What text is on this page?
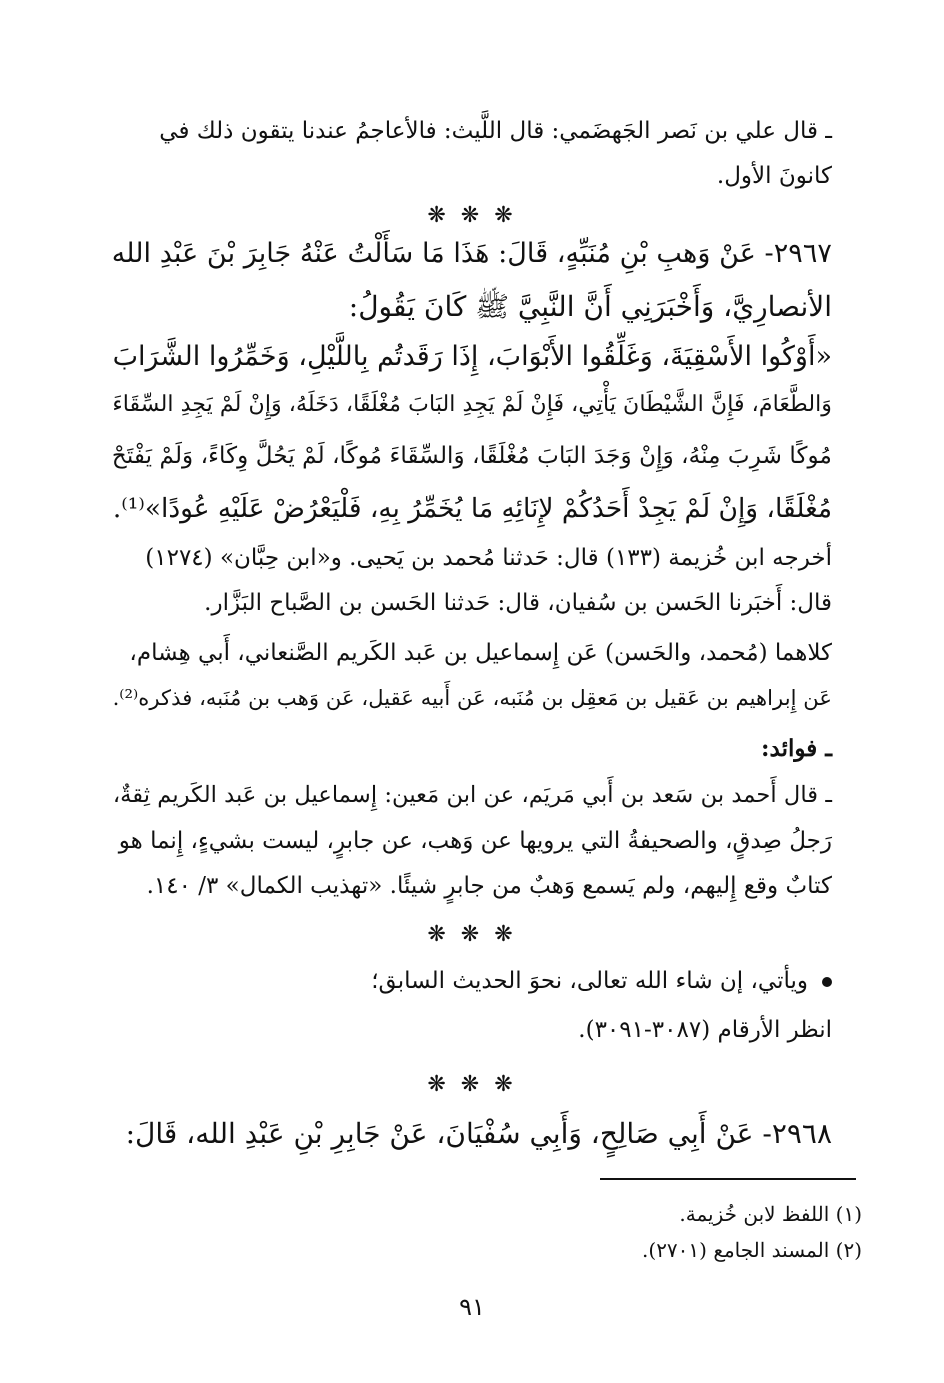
ـ قال علي بن نَصر الجَهضَمي: قال اللَّيث: فالأعاجمُ عندنا يتقون ذلك في
كانونَ الأول.
❋ ❋ ❋
٢٩٦٧- عَنْ وَهبِ بْنِ مُنَبِّهٍ، قَالَ: هَذَا مَا سَأَلْتُ عَنْهُ جَابِرَ بْنَ عَبْدِ الله
الأنصارِيَّ، وَأَخْبَرَنِي أَنَّ النَّبِيَّ ﷺ كَانَ يَقُولُ:
«أَوْكُوا الأَسْقِيَةَ، وَغَلِّقُوا الأَبْوَابَ، إِذَا رَقَدتُم بِاللَّيْلِ، وَخَمِّرُوا الشَّرَابَ
وَالطَّعَامَ، فَإِنَّ الشَّيْطَانَ يَأْتِي، فَإِنْ لَمْ يَجِدِ البَابَ مُغْلَقًا، دَخَلَهُ، وَإِنْ لَمْ يَجِدِ السِّقَاءَ
مُوكًا شَرِبَ مِنْهُ، وَإِنْ وَجَدَ البَابَ مُغْلَقًا، وَالسِّقَاءَ مُوكًا، لَمْ يَحُلَّ وِكَاءً، وَلَمْ يَفْتَحْ
مُغْلَقًا، وَإِنْ لَمْ يَجِدْ أَحَدُكُمْ لإِنَائِهِ مَا يُخَمِّرُ بِهِ، فَلْيَعْرُضْ عَلَيْهِ عُودًا»⁽¹⁾.
أخرجه ابن خُزيمة (١٣٣) قال: حَدثنا مُحمد بن يَحيى. و«ابن حِبَّان» (١٢٧٤)
قال: أَخبَرنا الحَسن بن سُفيان، قال: حَدثنا الحَسن بن الصَّباح البَزَّار.
كلاهما (مُحمد، والحَسن) عَن إِسماعيل بن عَبد الكَريم الصَّنعاني، أَبي هِشام،
عَن إِبراهيم بن عَقيل بن مَعقِل بن مُنَبه، عَن أَبيه عَقيل، عَن وَهب بن مُنَبه، فذكره⁽²⁾.
ـ فوائد:
ـ قال أَحمد بن سَعد بن أَبي مَريَم، عن ابن مَعين: إِسماعيل بن عَبد الكَريم ثِقةٌ،
رَجلُ صِدقٍ، والصحيفةُ التي يرويها عن وَهب، عن جابرٍ، ليست بشيءٍ، إِنما هو
كتابٌ وقع إِليهم، ولم يَسمع وَهبٌ من جابرٍ شيئًا. «تهذيب الكمال» ٣/ ١٤٠.
❋ ❋ ❋
ويأتي، إن شاء الله تعالى، نحوَ الحديث السابق؛
انظر الأرقام (٣٠٨٧-٣٠٩١).
❋ ❋ ❋
٢٩٦٨- عَنْ أَبِي صَالِحٍ، وَأَبِي سُفْيَانَ، عَنْ جَابِرِ بْنِ عَبْدِ الله، قَالَ:
(١) اللفظ لابن خُزيمة.
(٢) المسند الجامع (٢٧٠١).
٩١
